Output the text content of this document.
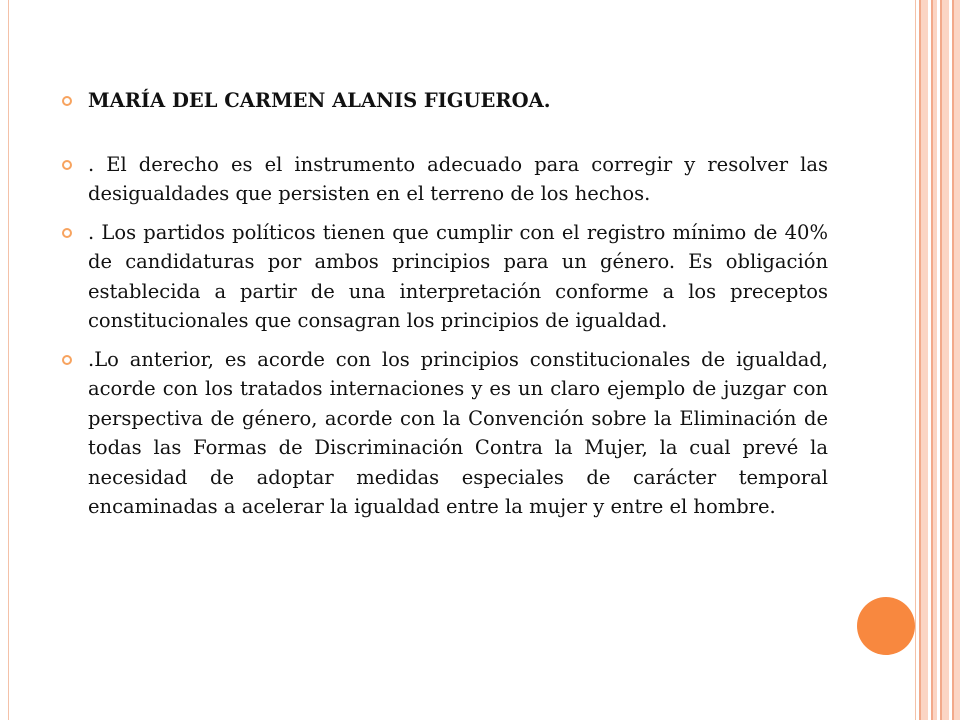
MARÍA DEL CARMEN ALANIS FIGUEROA.
. El derecho es el instrumento adecuado para corregir y resolver las desigualdades que persisten en el terreno de los hechos.
. Los partidos políticos tienen que cumplir con el registro mínimo de 40% de candidaturas por ambos principios para un género. Es obligación establecida a partir de una interpretación conforme a los preceptos constitucionales que consagran los principios de igualdad.
.Lo anterior, es acorde con los principios constitucionales de igualdad, acorde con los tratados internaciones y es un claro ejemplo de juzgar con perspectiva de género, acorde con la Convención sobre la Eliminación de todas las Formas de Discriminación Contra la Mujer, la cual prevé la necesidad de adoptar medidas especiales de carácter temporal encaminadas a acelerar la igualdad entre la mujer y entre el hombre.
